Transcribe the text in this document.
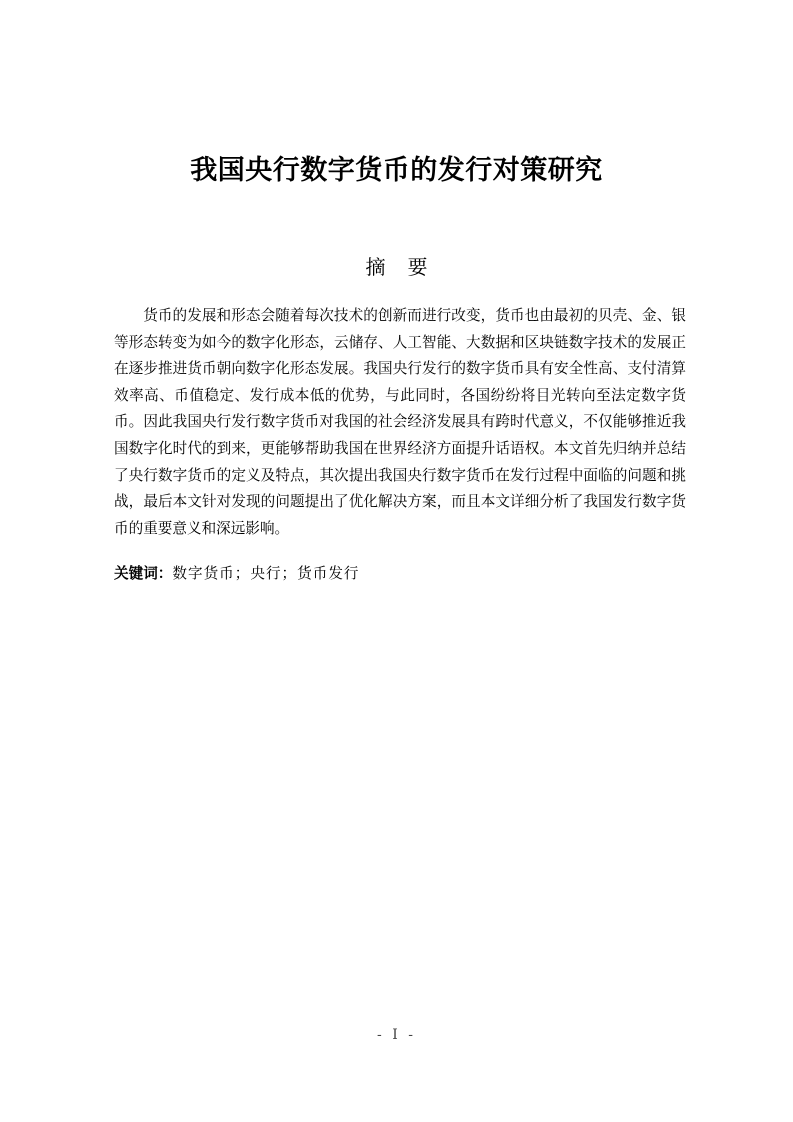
我国央行数字货币的发行对策研究
摘要

货币的发展和形态会随着每次技术的创新而进行改变，货币也由最初的贝壳、金、银等形态转变为如今的数字化形态，云储存、人工智能、大数据和区块链数字技术的发展正在逐步推进货币朝向数字化形态发展。我国央行发行的数字货币具有安全性高、支付清算效率高、币值稳定、发行成本低的优势，与此同时，各国纷纷将目光转向至法定数字货币。因此我国央行发行数字货币对我国的社会经济发展具有跨时代意义，不仅能够推近我国数字化时代的到来，更能够帮助我国在世界经济方面提升话语权。本文首先归纳并总结了央行数字货币的定义及特点，其次提出我国央行数字货币在发行过程中面临的问题和挑战，最后本文针对发现的问题提出了优化解决方案，而且本文详细分析了我国发行数字货币的重要意义和深远影响。

关键词：数字货币；央行；货币发行
- I -
